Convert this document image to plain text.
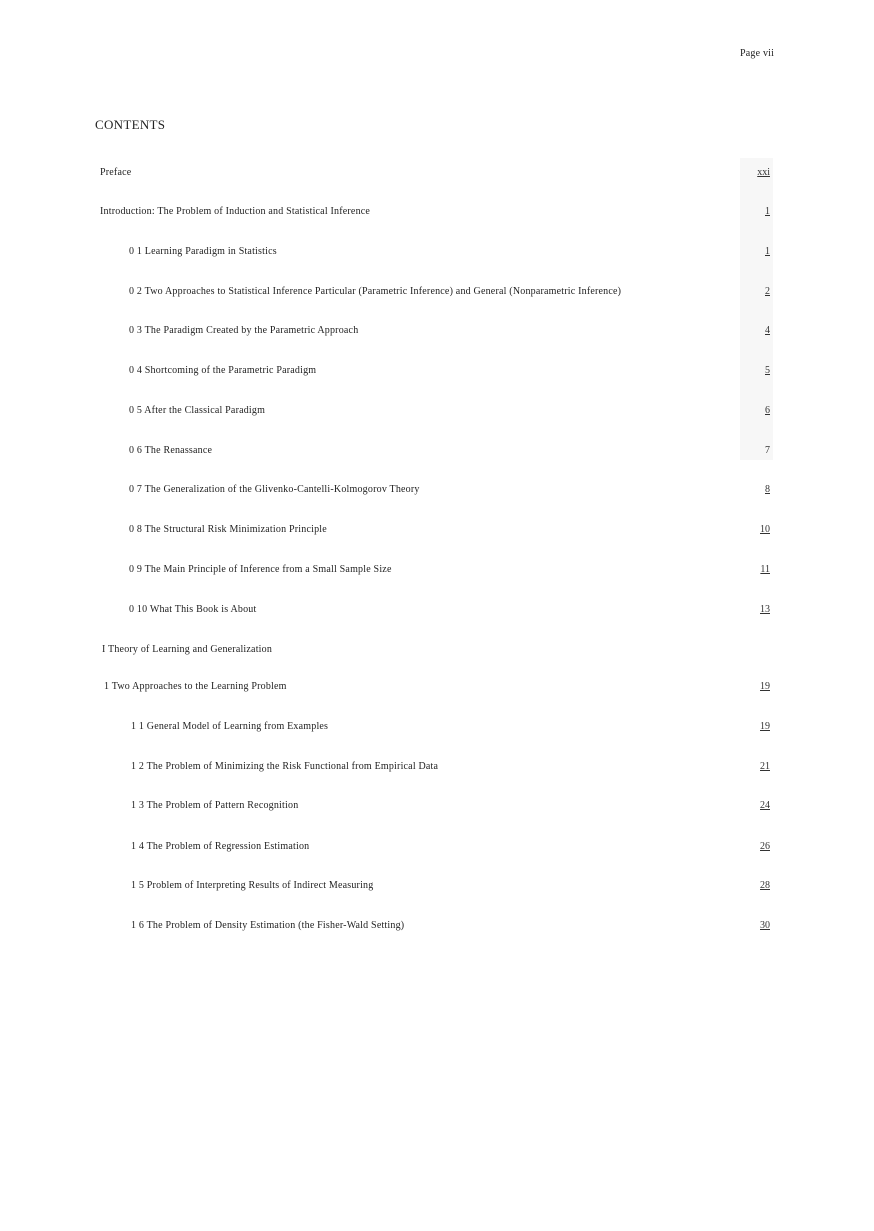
Page vii
CONTENTS
Preface	xxi
Introduction: The Problem of Induction and Statistical Inference	1
0 1 Learning Paradigm in Statistics	1
0 2 Two Approaches to Statistical Inference Particular (Parametric Inference) and General (Nonparametric Inference)	2
0 3 The Paradigm Created by the Parametric Approach	4
0 4 Shortcoming of the Parametric Paradigm	5
0 5 After the Classical Paradigm	6
0 6 The Renassance	7
0 7 The Generalization of the Glivenko-Cantelli-Kolmogorov Theory	8
0 8 The Structural Risk Minimization Principle	10
0 9 The Main Principle of Inference from a Small Sample Size	11
0 10 What This Book is About	13
I Theory of Learning and Generalization
1 Two Approaches to the Learning Problem	19
1 1 General Model of Learning from Examples	19
1 2 The Problem of Minimizing the Risk Functional from Empirical Data	21
1 3 The Problem of Pattern Recognition	24
1 4 The Problem of Regression Estimation	26
1 5 Problem of Interpreting Results of Indirect Measuring	28
1 6 The Problem of Density Estimation (the Fisher-Wald Setting)	30
